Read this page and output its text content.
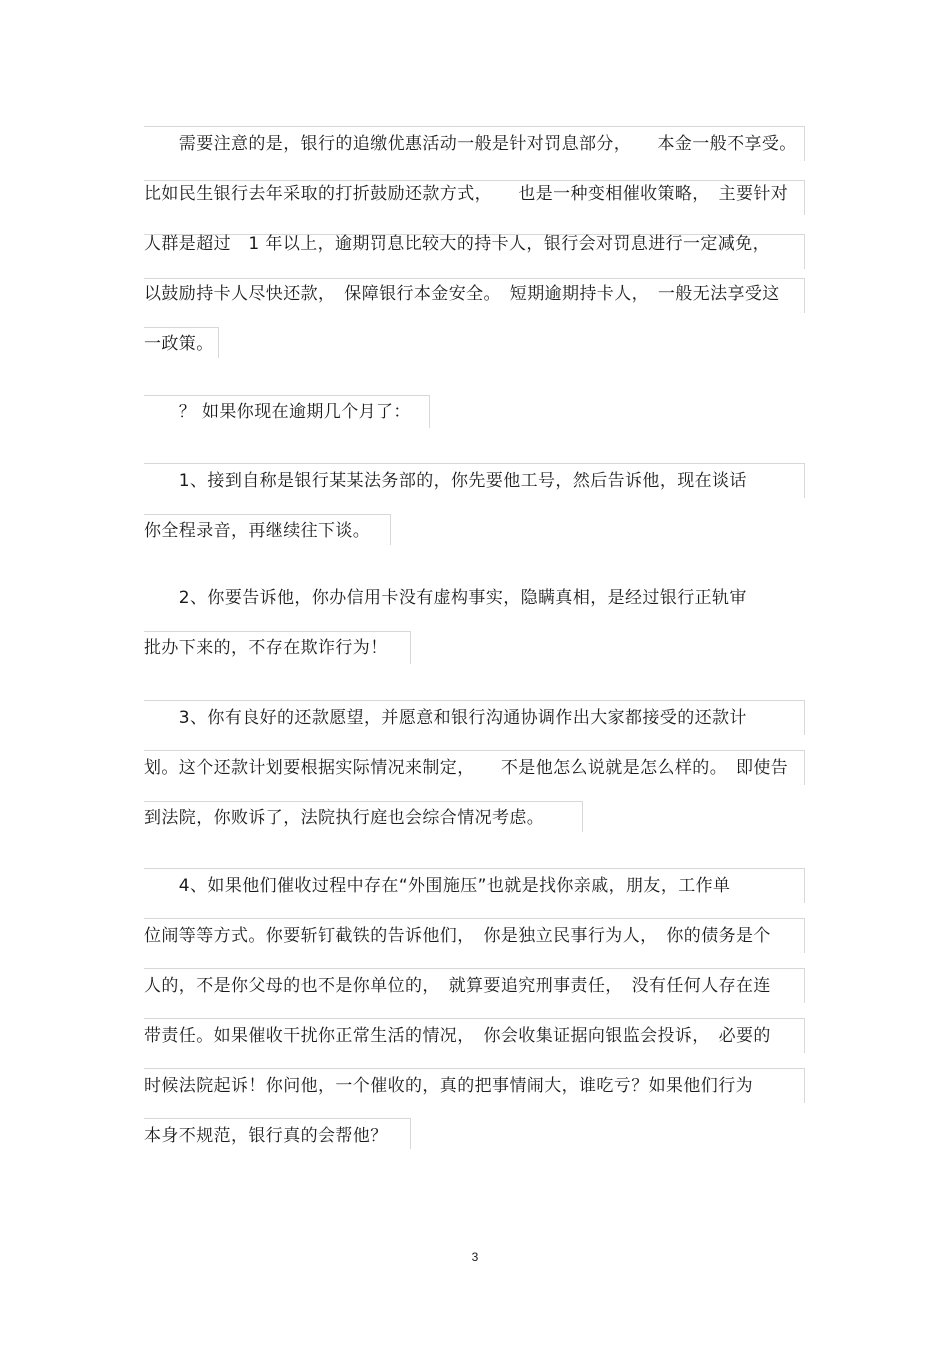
　　需要注意的是，银行的追缴优惠活动一般是针对罚息部分，　　本金一般不享受。
比如民生银行去年采取的打折鼓励还款方式，　　也是一种变相催收策略，　主要针对
人群是超过　1 年以上，逾期罚息比较大的持卡人，银行会对罚息进行一定减免，
以鼓励持卡人尽快还款，　保障银行本金安全。　短期逾期持卡人，　一般无法享受这
一政策。
　　？ 如果你现在逾期几个月了：
　　1、接到自称是银行某某法务部的，你先要他工号，然后告诉他，现在谈话
你全程录音，再继续往下谈。
　　2、你要告诉他，你办信用卡没有虚构事实，隐瞒真相，是经过银行正轨审
批办下来的，不存在欺诈行为！
　　3、你有良好的还款愿望，并愿意和银行沟通协调作出大家都接受的还款计
划。这个还款计划要根据实际情况来制定，　　不是他怎么说就是怎么样的。　即使告
到法院，你败诉了，法院执行庭也会综合情况考虑。
　　4、如果他们催收过程中存在“外围施压”也就是找你亲戚，朋友，工作单
位闹等等方式。你要斩钉截铁的告诉他们，　你是独立民事行为人，　你的债务是个
人的，不是你父母的也不是你单位的，　就算要追究刑事责任，　没有任何人存在连
带责任。如果催收干扰你正常生活的情况，　你会收集证据向银监会投诉，　必要的
时候法院起诉！你问他，一个催收的，真的把事情闹大，谁吃亏？如果他们行为
本身不规范，银行真的会帮他？
3
